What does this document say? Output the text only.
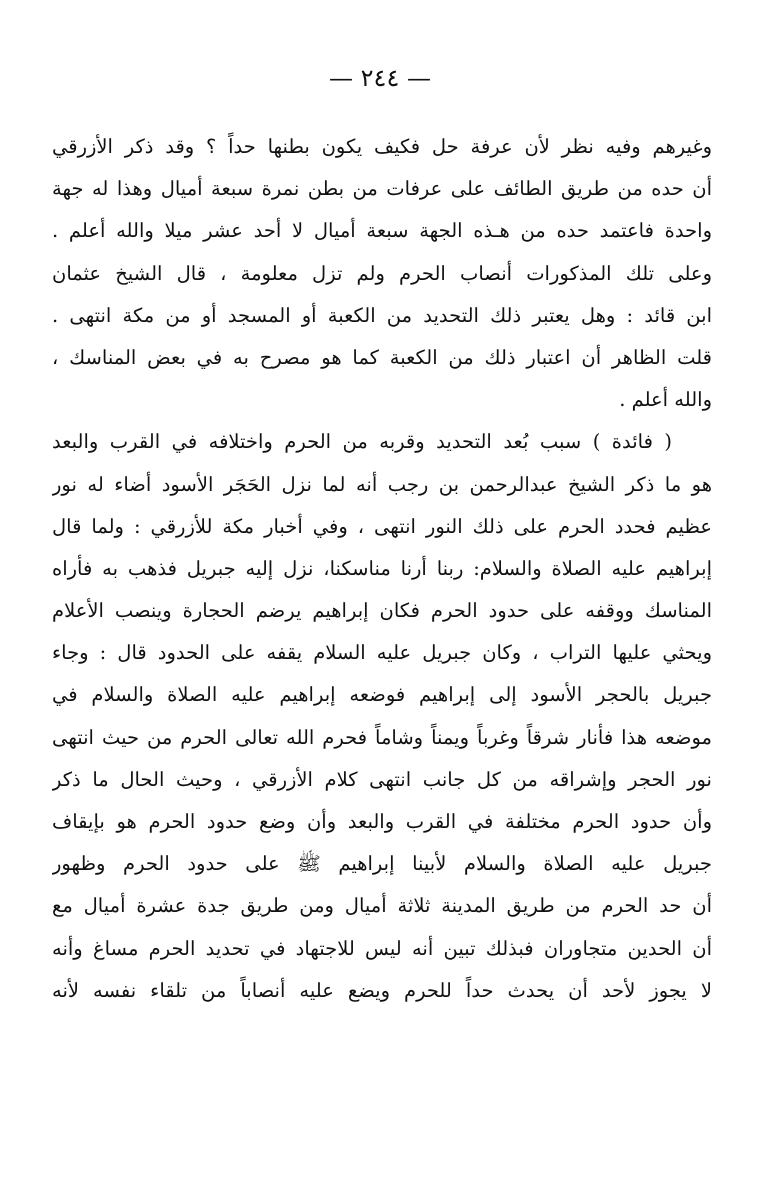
— ٢٤٤ —
وغيرهم وفيه نظر لأن عرفة حل فكيف يكون بطنها حداً ؟ وقد ذكر الأزرقي
أن حده من طريق الطائف على عرفات من بطن نمرة سبعة أميال وهذا له جهة
واحدة فاعتمد حده من هـذه الجهة سبعة أميال لا أحد عشر ميلا والله أعلم .
وعلى تلك المذكورات أنصاب الحرم ولم تزل معلومة ، قال الشيخ عثمان
ابن قائد : وهل يعتبر ذلك التحديد من الكعبة أو المسجد أو من مكة انتهى .
قلت الظاهر أن اعتبار ذلك من الكعبة كما هو مصرح به في بعض المناسك ،
والله أعلم .
( فائدة ) سبب بُعد التحديد وقربه من الحرم واختلافه في القرب والبعد
هو ما ذكر الشيخ عبدالرحمن بن رجب أنه لما نزل الحَجَر الأسود أضاء له نور
عظيم فحدد الحرم على ذلك النور انتهى ، وفي أخبار مكة للأزرقي : ولما قال
إبراهيم عليه الصلاة والسلام: ربنا أرنا مناسكنا، نزل إليه جبريل فذهب به فأراه
المناسك ووقفه على حدود الحرم فكان إبراهيم يرضم الحجارة وينصب الأعلام
ويحثي عليها التراب ، وكان جبريل عليه السلام يقفه على الحدود قال : وجاء
جبريل بالحجر الأسود إلى إبراهيم فوضعه إبراهيم عليه الصلاة والسلام في
موضعه هذا فأنار شرقاً وغرباً ويمناً وشاماً فحرم الله تعالى الحرم من حيث انتهى
نور الحجر وإشراقه من كل جانب انتهى كلام الأزرقي ، وحيث الحال ما ذكر
وأن حدود الحرم مختلفة في القرب والبعد وأن وضع حدود الحرم هو بإيقاف
جبريل عليه الصلاة والسلام لأبينا إبراهيم ﷺ على حدود الحرم وظهور
أن حد الحرم من طريق المدينة ثلاثة أميال ومن طريق جدة عشرة أميال مع
أن الحدين متجاوران فبذلك تبين أنه ليس للاجتهاد في تحديد الحرم مساغ وأنه
لا يجوز لأحد أن يحدث حداً للحرم ويضع عليه أنصاباً من تلقاء نفسه لأنه
